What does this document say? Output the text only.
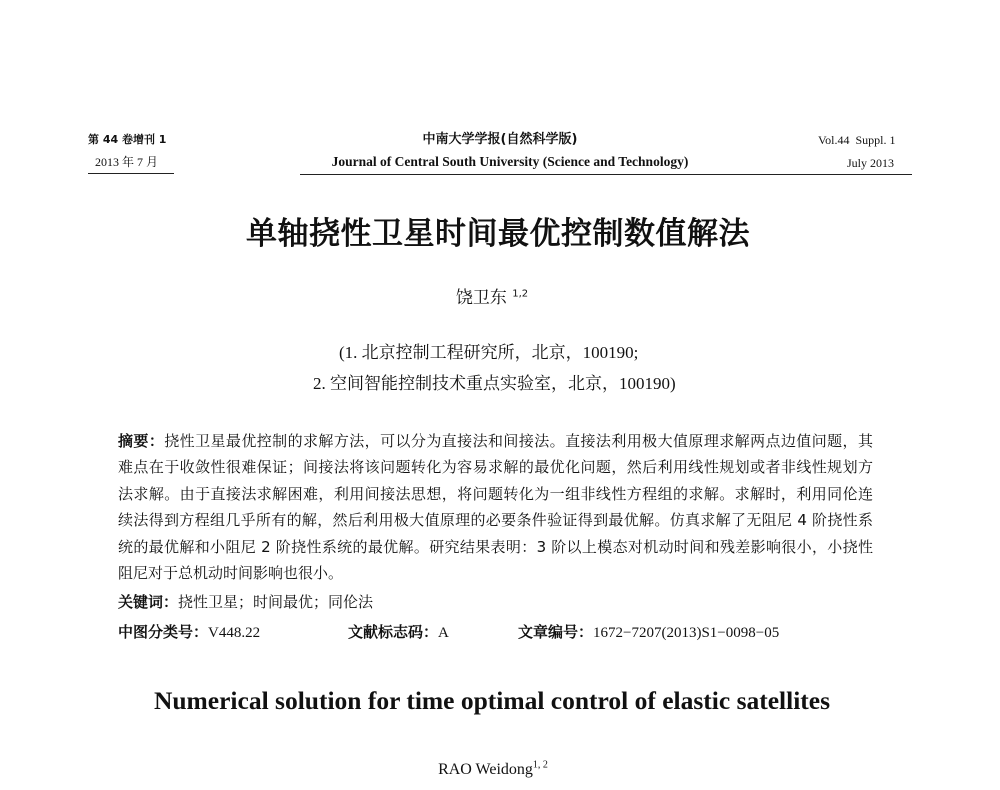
第 44 卷增刊 1
2013 年 7 月
中南大学学报(自然科学版)
Journal of Central South University (Science and Technology)
Vol.44  Suppl. 1
July 2013
单轴挠性卫星时间最优控制数值解法
饶卫东 $^{1,2}$
(1. 北京控制工程研究所，北京，100190;
2. 空间智能控制技术重点实验室，北京，100190)
摘要：挠性卫星最优控制的求解方法，可以分为直接法和间接法。直接法利用极大值原理求解两点边值问题，其
难点在于收敛性很难保证；间接法将该问题转化为容易求解的最优化问题，然后利用线性规划或者非线性规划方
法求解。由于直接法求解困难，利用间接法思想，将问题转化为一组非线性方程组的求解。求解时，利用同伦连
续法得到方程组几乎所有的解，然后利用极大值原理的必要条件验证得到最优解。仿真求解了无阻尼 4 阶挠性系
统的最优解和小阻尼 2 阶挠性系统的最优解。研究结果表明：3 阶以上模态对机动时间和残差影响很小，小挠性
阻尼对于总机动时间影响也很小。
关键词：挠性卫星；时间最优；同伦法
中图分类号：V448.22	文献标志码：A	文章编号：1672−7207(2013)S1−0098−05
Numerical solution for time optimal control of elastic satellites
RAO Weidong$^{1, 2}$
